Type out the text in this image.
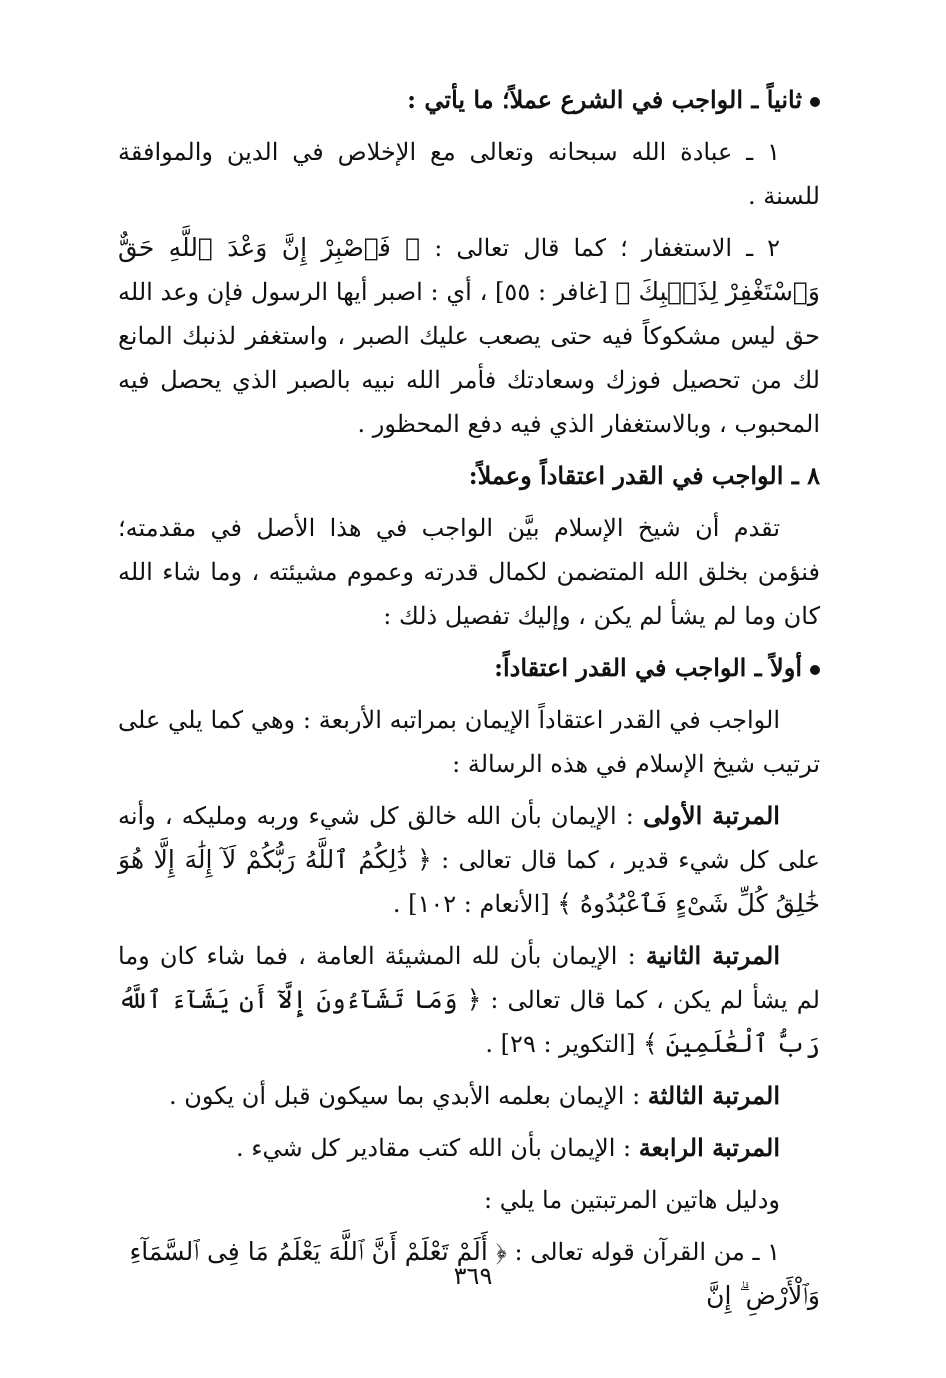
ثانياً ـ الواجب في الشرع عملاً؛ ما يأتي :
١ ـ عبادة الله سبحانه وتعالى مع الإخلاص في الدين والموافقة للسنة .
٢ ـ الاستغفار ؛ كما قال تعالى : ﴿ فَٱصْبِرْ إِنَّ وَعْدَ ٱللَّهِ حَقٌّ وَٱسْتَغْفِرْ لِذَنۢبِكَ ﴾ [غافر : ٥٥] ، أي : اصبر أيها الرسول فإن وعد الله حق ليس مشكوكاً فيه حتى يصعب عليك الصبر ، واستغفر لذنبك المانع لك من تحصيل فوزك وسعادتك فأمر الله نبيه بالصبر الذي يحصل فيه المحبوب ، وبالاستغفار الذي فيه دفع المحظور .
٨ ـ الواجب في القدر اعتقاداً وعملاً:
تقدم أن شيخ الإسلام بيَّن الواجب في هذا الأصل في مقدمته؛ فنؤمن بخلق الله المتضمن لكمال قدرته وعموم مشيئته ، وما شاء الله كان وما لم يشأ لم يكن ، وإليك تفصيل ذلك :
أولاً ـ الواجب في القدر اعتقاداً:
الواجب في القدر اعتقاداً الإيمان بمراتبه الأربعة : وهي كما يلي على ترتيب شيخ الإسلام في هذه الرسالة :
المرتبة الأولى : الإيمان بأن الله خالق كل شيء وربه ومليكه ، وأنه على كل شيء قدير ، كما قال تعالى : ﴿ ذَٰلِكُمُ ٱللَّهُ رَبُّكُمْ لَآ إِلَٰهَ إِلَّا هُوَ خَٰلِقُ كُلِّ شَىْءٍ فَٱعْبُدُوهُ ﴾ [الأنعام : ١٠٢] .
المرتبة الثانية : الإيمان بأن لله المشيئة العامة ، فما شاء كان وما لم يشأ لم يكن ، كما قال تعالى : ﴿ وَمَا تَشَآءُونَ إِلَّآ أَن يَشَآءَ ٱللَّهُ رَبُّ ٱلْعَٰلَمِينَ ﴾ [التكوير : ٢٩] .
المرتبة الثالثة : الإيمان بعلمه الأبدي بما سيكون قبل أن يكون .
المرتبة الرابعة : الإيمان بأن الله كتب مقادير كل شيء .
ودليل هاتين المرتبتين ما يلي :
١ ـ من القرآن قوله تعالى : ﴿ أَلَمْ تَعْلَمْ أَنَّ ٱللَّهَ يَعْلَمُ مَا فِى ٱلسَّمَآءِ وَٱلْأَرْضِ ۗ إِنَّ
٣٦٩
